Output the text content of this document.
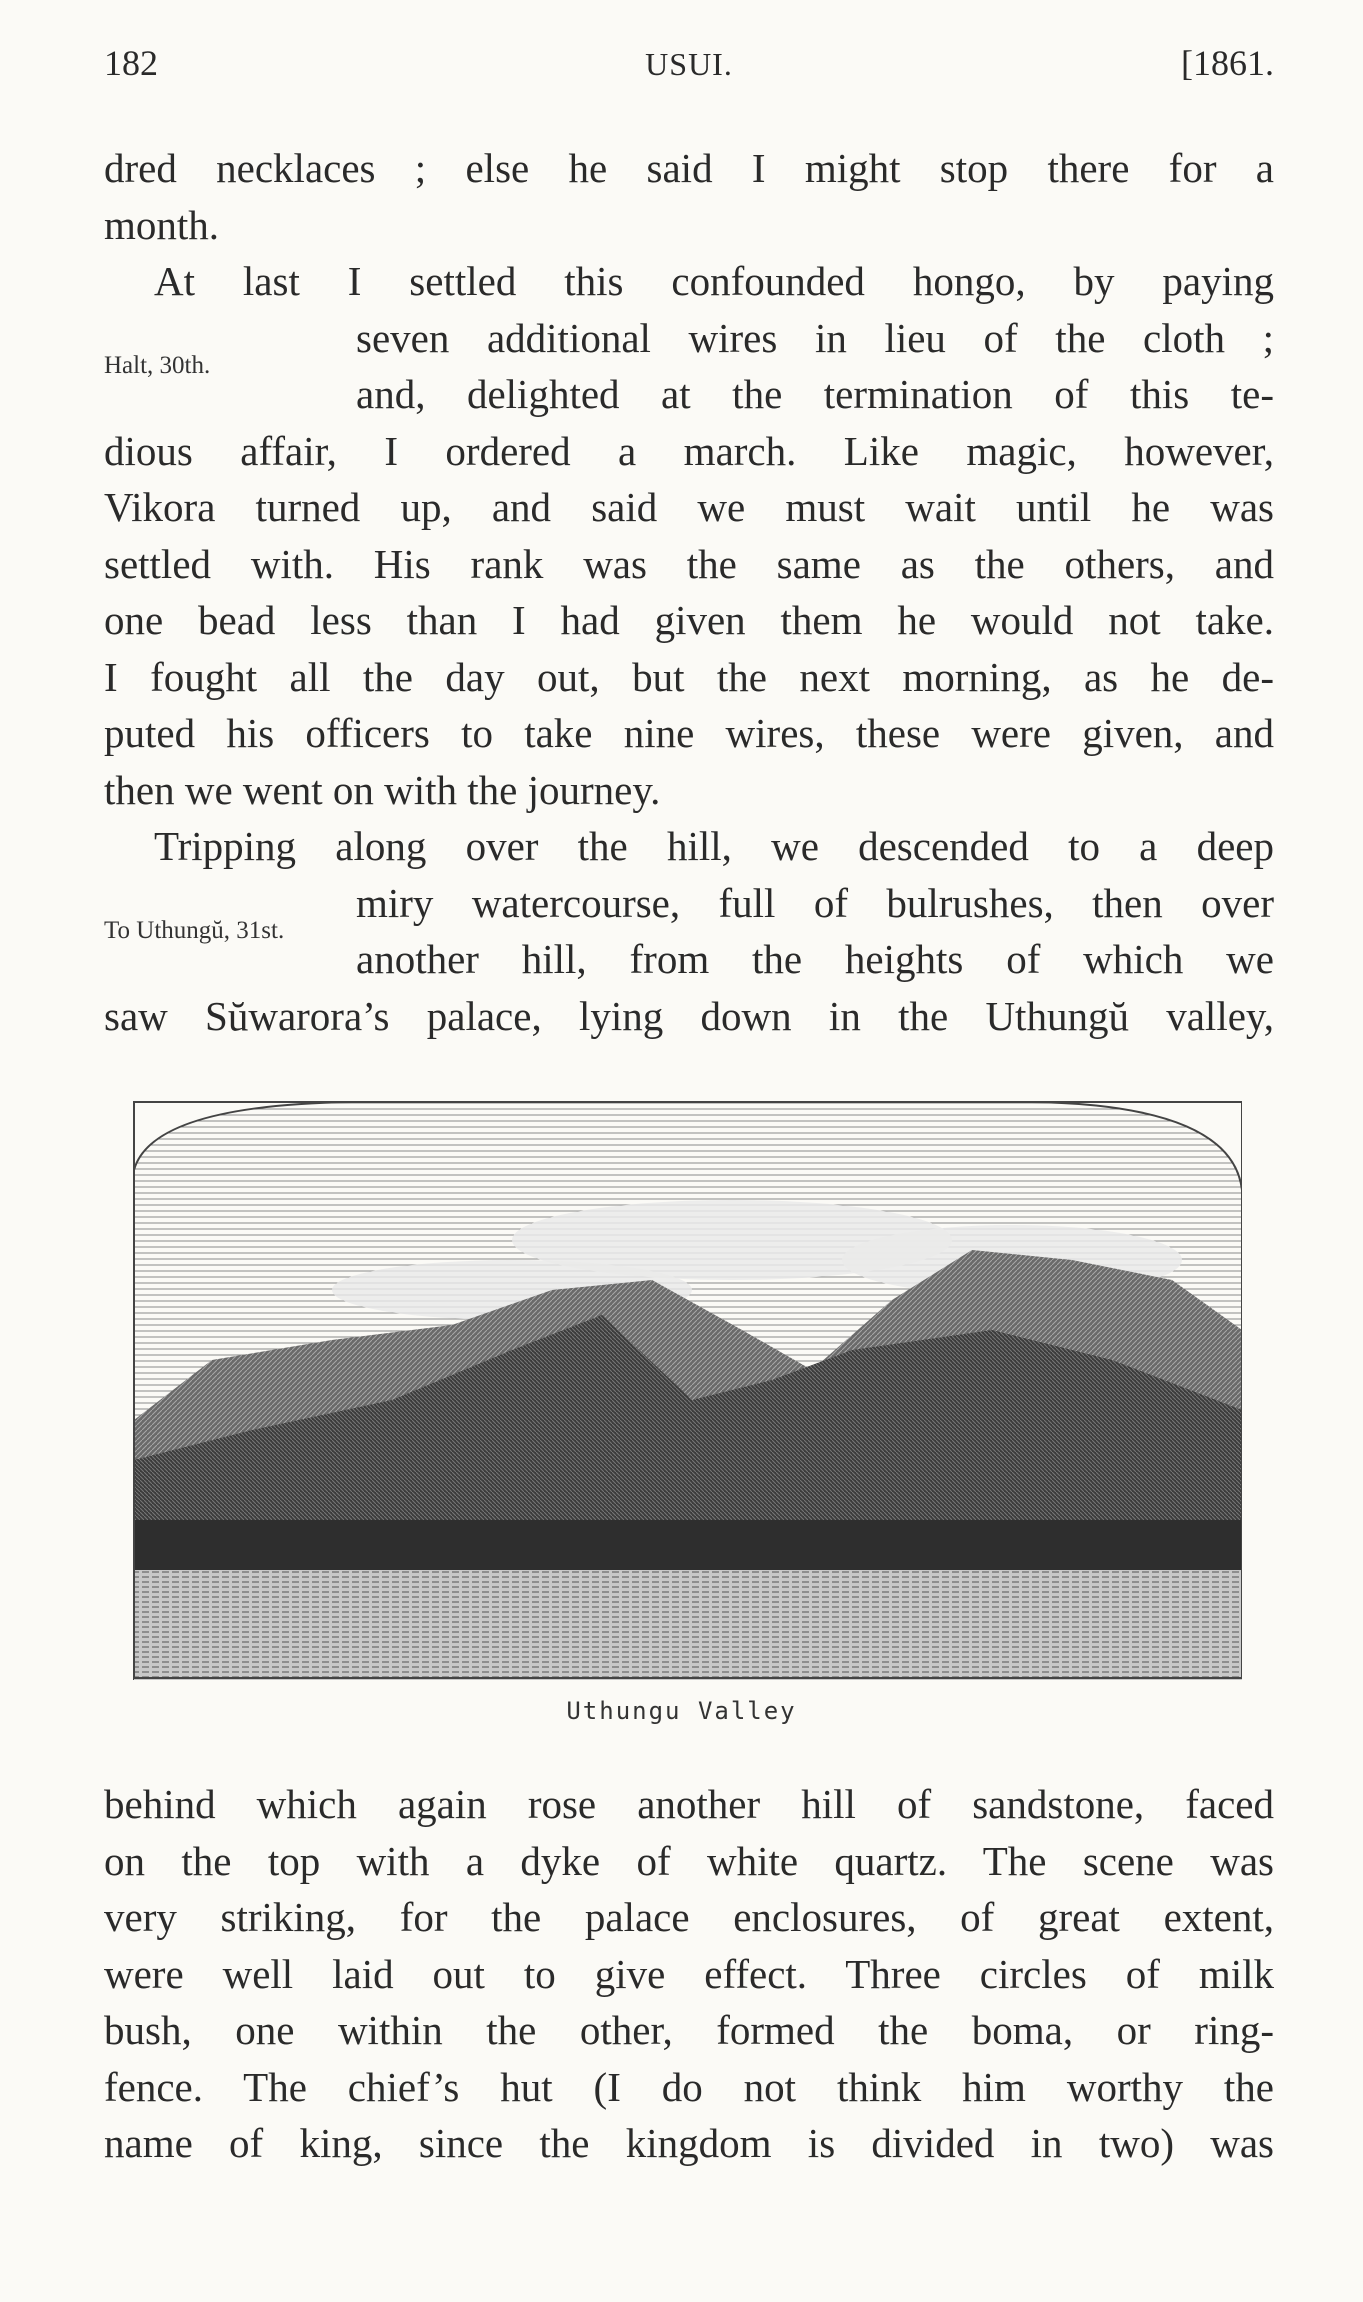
182	USUI.	[1861.
dred necklaces ; else he said I might stop there for a
month.
At last I settled this confounded hongo, by paying
seven additional wires in lieu of the cloth ;
and, delighted at the termination of this te-
dious affair, I ordered a march. Like magic, however,
Vikora turned up, and said we must wait until he was
settled with. His rank was the same as the others, and
one bead less than I had given them he would not take.
I fought all the day out, but the next morning, as he de-
puted his officers to take nine wires, these were given, and
then we went on with the journey.
Halt, 30th.
Tripping along over the hill, we descended to a deep
miry watercourse, full of bulrushes, then over
another hill, from the heights of which we
saw Sŭwarora’s palace, lying down in the Uthungŭ valley,
To Uthungŭ, 31st.
Uthungu Valley
behind which again rose another hill of sandstone, faced
on the top with a dyke of white quartz. The scene was
very striking, for the palace enclosures, of great extent,
were well laid out to give effect. Three circles of milk
bush, one within the other, formed the boma, or ring-
fence. The chief’s hut (I do not think him worthy the
name of king, since the kingdom is divided in two) was
